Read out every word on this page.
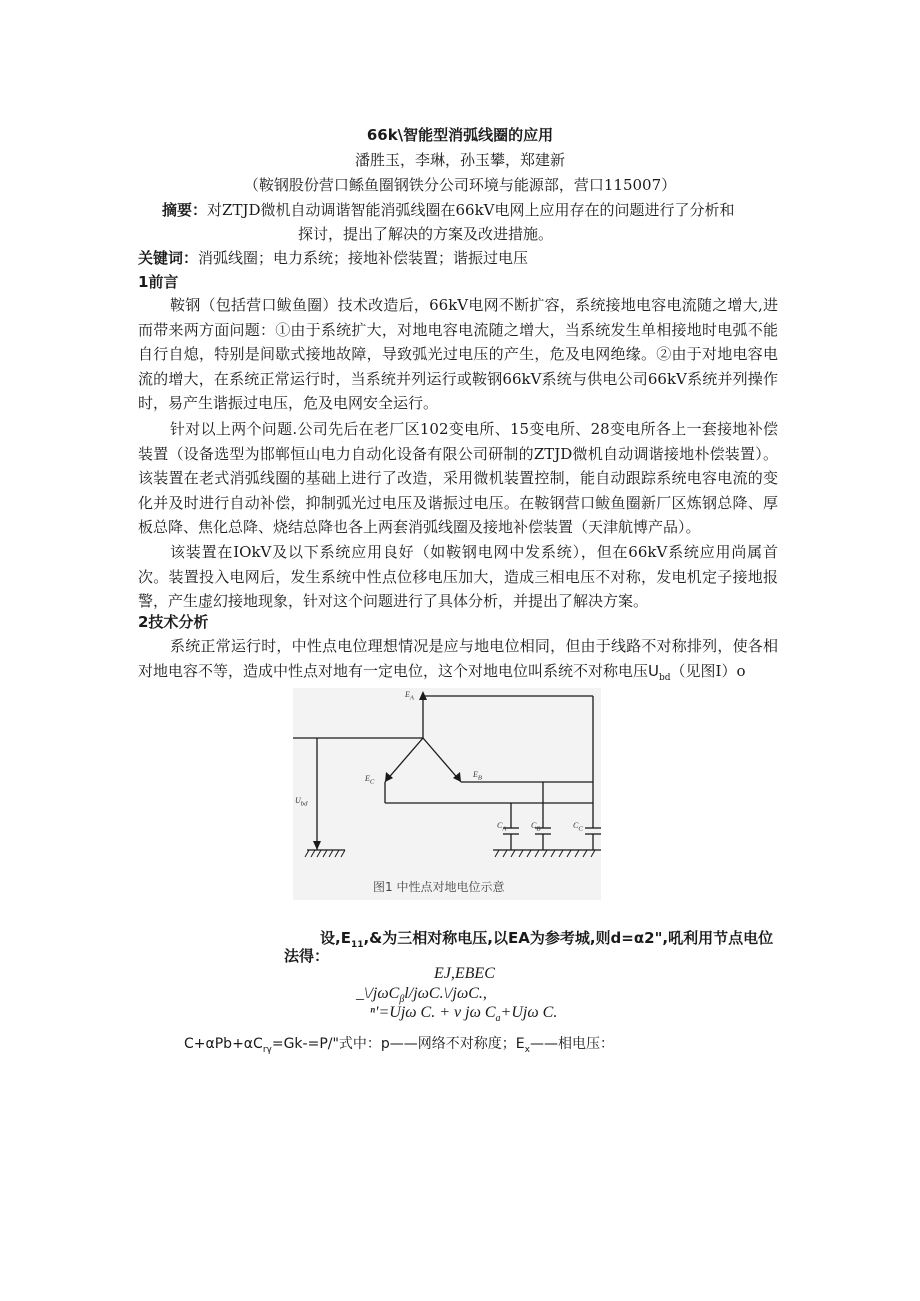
66k\智能型消弧线圈的应用
潘胜玉，李琳，孙玉攀，郑建新
（鞍钢股份营口鲧鱼圈钢铁分公司环境与能源部，营口115007）
摘要：对ZTJD微机自动调谐智能消弧线圈在66kV电网上应用存在的问题进行了分析和
探讨，提出了解决的方案及改进措施。
关键词：消弧线圈；电力系统；接地补偿装置；谐振过电压
1前言
鞍钢（包括营口鲅鱼圈）技术改造后，66kV电网不断扩容，系统接地电容电流随之增大,进而带来两方面问题：①由于系统扩大，对地电容电流随之增大，当系统发生单相接地时电弧不能自行自熄，特别是间歇式接地故障，导致弧光过电压的产生，危及电网绝缘。②由于对地电容电流的增大，在系统正常运行时，当系统并列运行或鞍钢66kV系统与供电公司66kV系统并列操作时，易产生谐振过电压，危及电网安全运行。
针对以上两个问题.公司先后在老厂区102变电所、15变电所、28变电所各上一套接地补偿装置（设备选型为邯郸恒山电力自动化设备有限公司研制的ZTJD微机自动调谐接地朴偿装置）。该装置在老式消弧线圈的基础上进行了改造，采用微机装置控制，能自动跟踪系统电容电流的变化并及时进行自动补偿，抑制弧光过电压及谐振过电压。在鞍钢营口鲅鱼圈新厂区炼钢总降、厚板总降、焦化总降、烧结总降也各上两套消弧线圈及接地补偿装置（天津航博产品）。
该装置在IOkV及以下系统应用良好（如鞍钢电网中发系统），但在66kV系统应用尚属首次。装置投入电网后，发生系统中性点位移电压加大，造成三相电压不对称，发电机定子接地报警，产生虚幻接地现象，针对这个问题进行了具体分析，并提出了解决方案。
2技术分析
系统正常运行时，中性点电位理想情况是应与地电位相同，但由于线路不对称排列，使各相对地电容不等，造成中性点对地有一定电位，这个对地电位叫系统不对称电压$U_{bd}$（见图I）o
$E_A$
$E_C$
$E_B$
$U_{bd}$
$C_A$	$C_B$	$C_C$
图1 中性点对地电位示意
设$,E_{11},\&$为三相对称电压,以EA为参考城,则d=α2",吼利用节点电位
法得：
EJ,EBEC
_\/jωC$_\beta$l/jωC.\/jωC.,
ⁿ'=Ujω C. + v jω $C_a+Uj\omega$ C.
$C+\alpha Pb+\alpha C_{r\gamma}=Gk-=P/$"式中：p——网络不对称度；$E_x——$相电压：
